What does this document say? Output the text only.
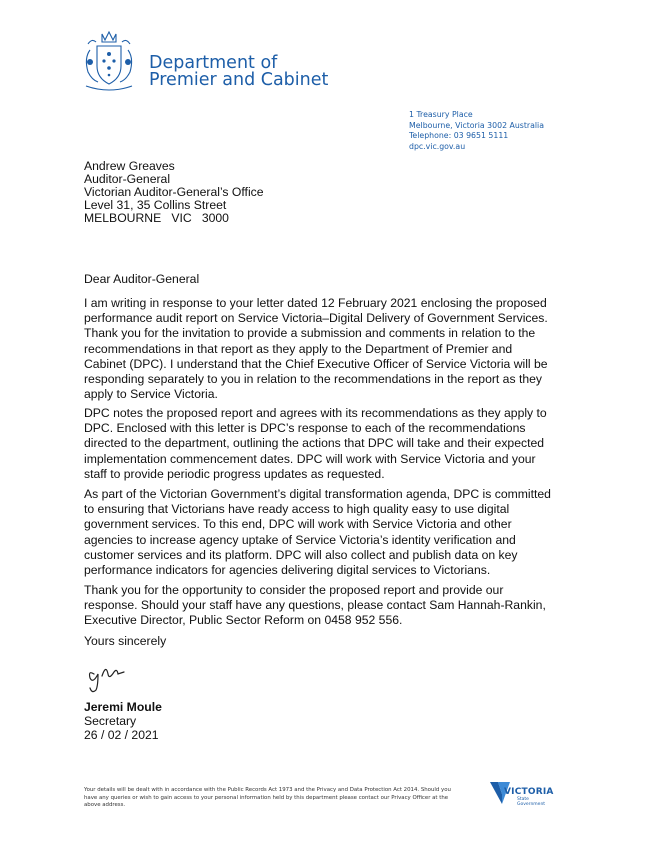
Department of
Premier and Cabinet
1 Treasury Place
Melbourne, Victoria 3002 Australia
Telephone: 03 9651 5111
dpc.vic.gov.au
Andrew Greaves
Auditor-General
Victorian Auditor-General’s Office
Level 31, 35 Collins Street
MELBOURNE   VIC   3000
Dear Auditor-General

I am writing in response to your letter dated 12 February 2021 enclosing the proposed performance audit report on Service Victoria–Digital Delivery of Government Services. Thank you for the invitation to provide a submission and comments in relation to the recommendations in that report as they apply to the Department of Premier and Cabinet (DPC). I understand that the Chief Executive Officer of Service Victoria will be responding separately to you in relation to the recommendations in the report as they apply to Service Victoria.

DPC notes the proposed report and agrees with its recommendations as they apply to DPC. Enclosed with this letter is DPC’s response to each of the recommendations directed to the department, outlining the actions that DPC will take and their expected implementation commencement dates. DPC will work with Service Victoria and your staff to provide periodic progress updates as requested.

As part of the Victorian Government’s digital transformation agenda, DPC is committed to ensuring that Victorians have ready access to high quality easy to use digital government services. To this end, DPC will work with Service Victoria and other agencies to increase agency uptake of Service Victoria’s identity verification and customer services and its platform. DPC will also collect and publish data on key performance indicators for agencies delivering digital services to Victorians.

Thank you for the opportunity to consider the proposed report and provide our response. Should your staff have any questions, please contact Sam Hannah-Rankin, Executive Director, Public Sector Reform on 0458 952 556.

Yours sincerely
Jeremi Moule
Secretary
26 / 02 / 2021
Your details will be dealt with in accordance with the Public Records Act 1973 and the Privacy and Data Protection Act 2014. Should you have any queries or wish to gain access to your personal information held by this department please contact our Privacy Officer at the above address.
VICTORIA
State
Government
